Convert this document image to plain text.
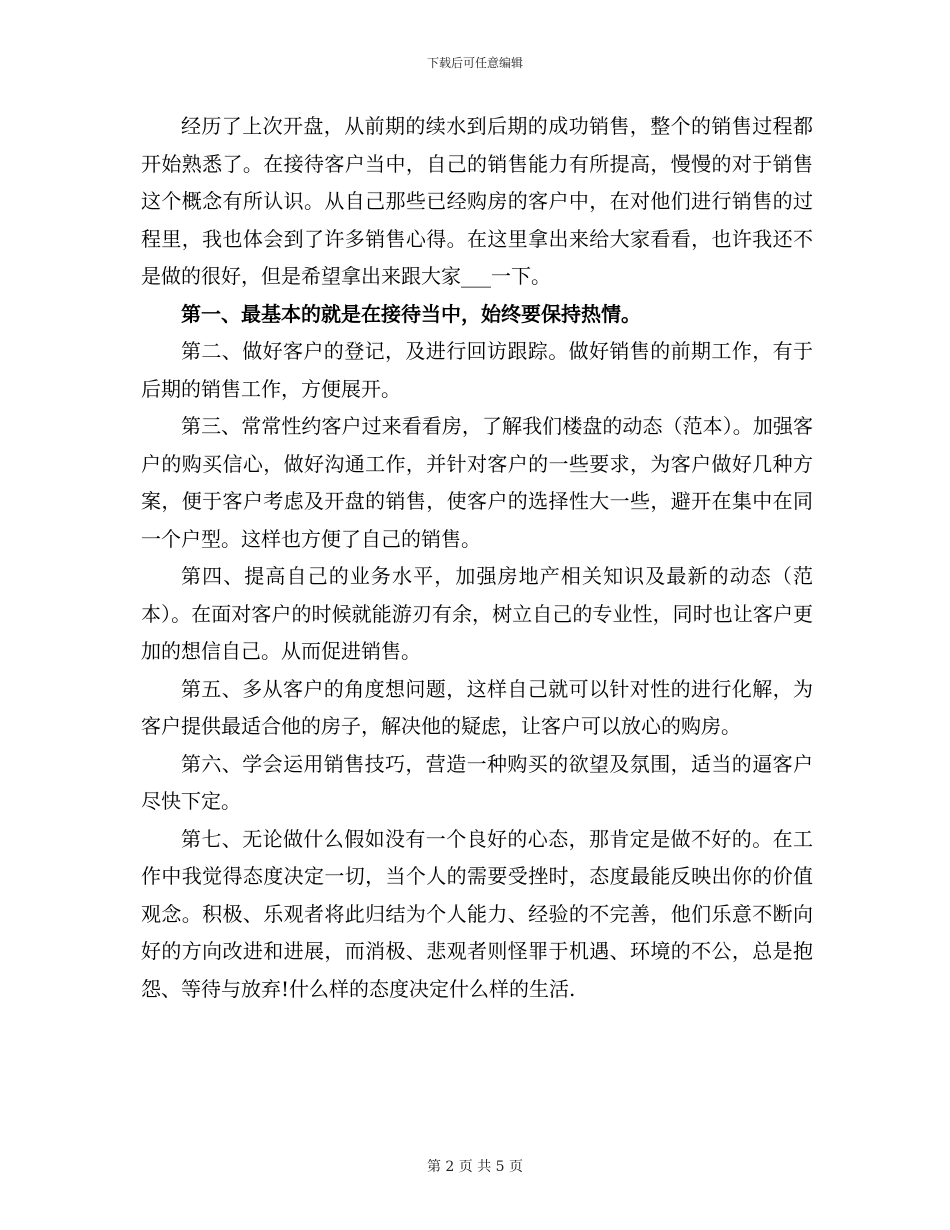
下载后可任意编辑

经历了上次开盘，从前期的续水到后期的成功销售，整个的销售过程都开始熟悉了。在接待客户当中，自己的销售能力有所提高，慢慢的对于销售这个概念有所认识。从自己那些已经购房的客户中，在对他们进行销售的过程里，我也体会到了许多销售心得。在这里拿出来给大家看看，也许我还不是做的很好，但是希望拿出来跟大家___一下。

第一、最基本的就是在接待当中，始终要保持热情。

第二、做好客户的登记，及进行回访跟踪。做好销售的前期工作，有于后期的销售工作，方便展开。

第三、常常性约客户过来看看房，了解我们楼盘的动态（范本）。加强客户的购买信心，做好沟通工作，并针对客户的一些要求，为客户做好几种方案，便于客户考虑及开盘的销售，使客户的选择性大一些，避开在集中在同一个户型。这样也方便了自己的销售。

第四、提高自己的业务水平，加强房地产相关知识及最新的动态（范本）。在面对客户的时候就能游刃有余，树立自己的专业性，同时也让客户更加的想信自己。从而促进销售。

第五、多从客户的角度想问题，这样自己就可以针对性的进行化解，为客户提供最适合他的房子，解决他的疑虑，让客户可以放心的购房。

第六、学会运用销售技巧，营造一种购买的欲望及氛围，适当的逼客户尽快下定。

第七、无论做什么假如没有一个良好的心态，那肯定是做不好的。在工作中我觉得态度决定一切，当个人的需要受挫时，态度最能反映出你的价值观念。积极、乐观者将此归结为个人能力、经验的不完善，他们乐意不断向好的方向改进和进展，而消极、悲观者则怪罪于机遇、环境的不公，总是抱怨、等待与放弃!什么样的态度决定什么样的生活.

第 2 页 共 5 页
